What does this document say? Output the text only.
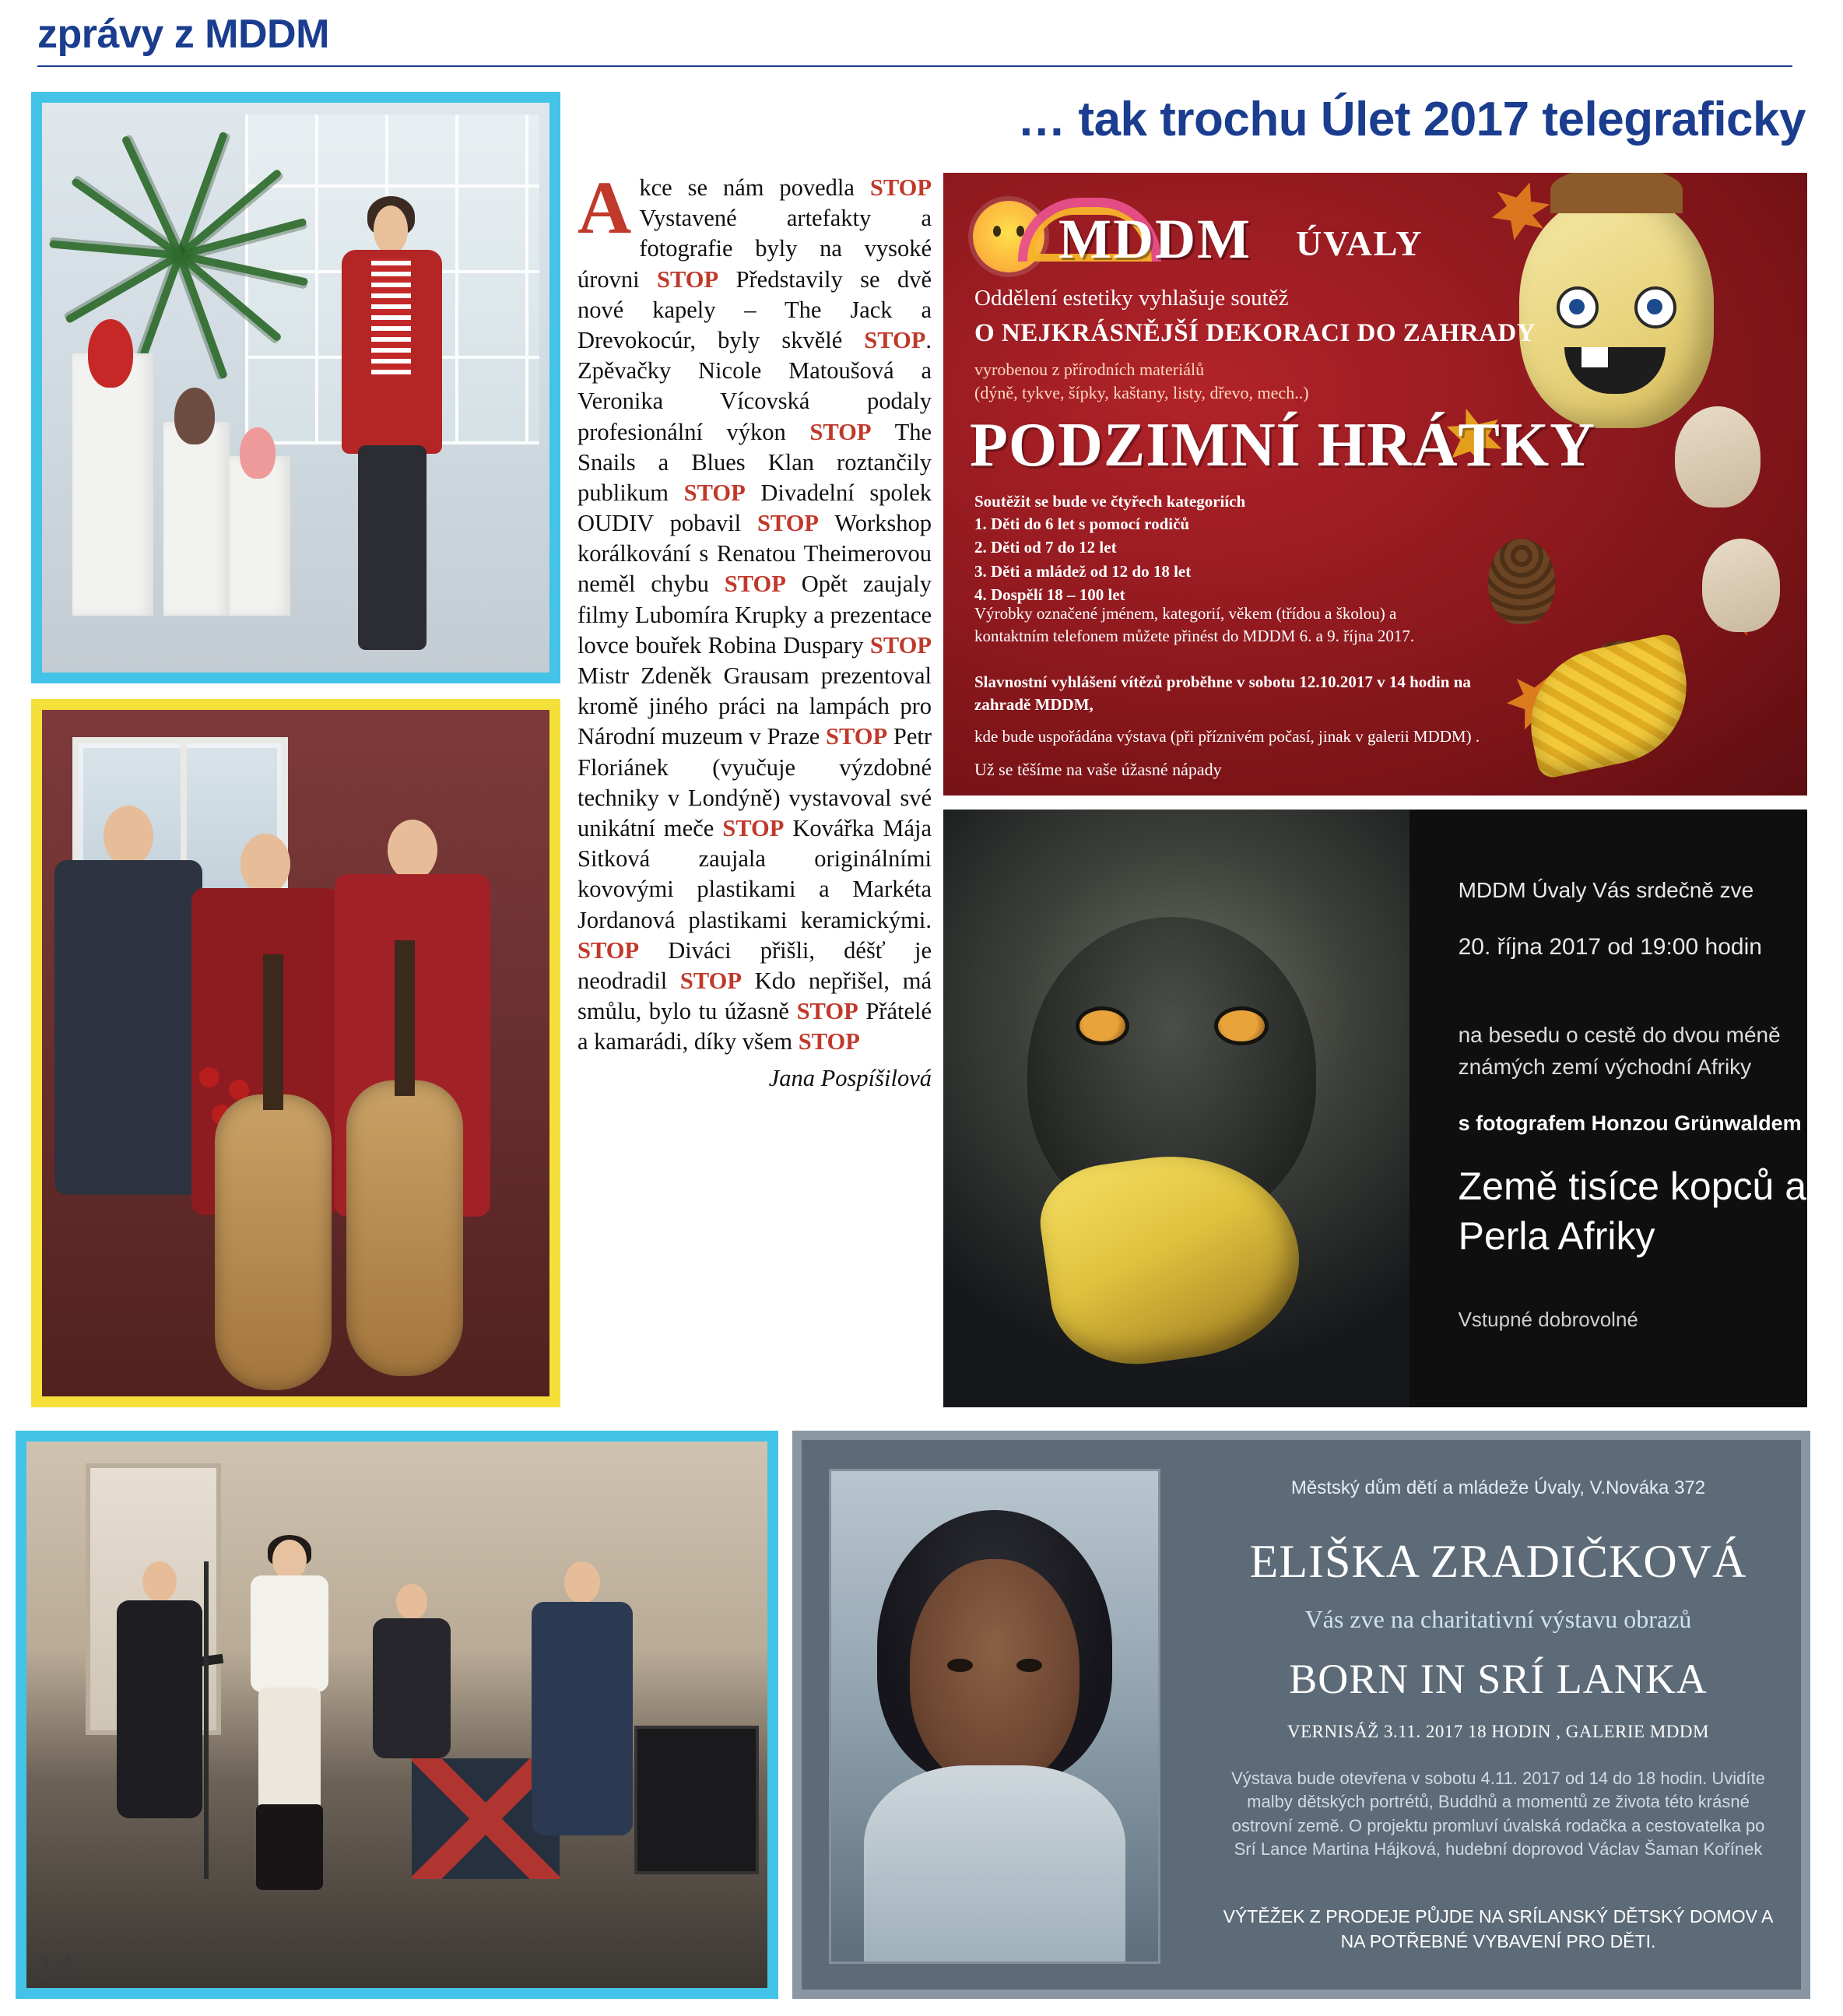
zprávy z MDDM
… tak trochu Úlet 2017 telegraficky
Akce se nám povedla STOP Vystavené artefakty a fotografie byly na vysoké úrovni STOP Představily se dvě nové kapely – The Jack a Drevokocúr, byly skvělé STOP. Zpěvačky Nicole Matoušová a Veronika Vícovská podaly profesionální výkon STOP The Snails a Blues Klan roztančily publikum STOP Divadelní spolek OUDIV pobavil STOP Workshop korálkování s Renatou Theimerovou neměl chybu STOP Opět zaujaly filmy Lubomíra Krupky a prezentace lovce bouřek Robina Duspary STOP Mistr Zdeněk Grausam prezentoval kromě jiného práci na lampách pro Národní muzeum v Praze STOP Petr Floriánek (vyučuje výzdobné techniky v Londýně) vystavoval své unikátní meče STOP Kovářka Mája Sitková zaujala originálními kovovými plastikami a Markéta Jordanová plastikami keramickými. STOP Diváci přišli, déšť je neodradil STOP Kdo nepřišel, má smůlu, bylo tu úžasně STOP Přátelé a kamarádi, díky všem STOP
Jana Pospíšilová
MDDM ÚVALY
Oddělení estetiky vyhlašuje soutěž
O NEJKRÁSNĚJŠÍ DEKORACI DO ZAHRADY
vyrobenou z přírodních materiálů
(dýně, tykve, šípky, kaštany, listy, dřevo, mech..)
PODZIMNÍ HRÁTKY
Soutěžit se bude ve čtyřech kategoriích
1. Děti do 6 let s pomocí rodičů
2. Děti od 7 do 12 let
3. Děti a mládež od 12 do 18 let
4. Dospělí 18 – 100 let
Výrobky označené jménem, kategorií, věkem (třídou a školou) a kontaktním telefonem můžete přinést do MDDM 6. a 9. října 2017.
Slavnostní vyhlášení vítězů proběhne v sobotu 12.10.2017 v 14 hodin na zahradě MDDM,
kde bude uspořádána výstava (při příznivém počasí, jinak v galerii MDDM) .
Už se těšíme na vaše úžasné nápady
MDDM Úvaly Vás srdečně zve
20. října 2017 od 19:00 hodin
na besedu o cestě do dvou méně známých zemí východní Afriky
s fotografem Honzou Grünwaldem
Země tisíce kopců a Perla Afriky
Vstupné dobrovolné
Městský dům dětí a mládeže Úvaly, V.Nováka 372
ELIŠKA ZRADIČKOVÁ
Vás zve na charitativní výstavu obrazů
BORN IN SRÍ LANKA
VERNISÁŽ 3.11. 2017 18 HODIN , GALERIE MDDM
Výstava bude otevřena v sobotu 4.11. 2017 od 14 do 18 hodin. Uvidíte malby dětských portrétů, Buddhů a momentů ze života této krásné ostrovní země. O projektu promluví úvalská rodačka a cestovatelka po Srí Lance Martina Hájková, hudební doprovod Václav Šaman Kořínek
VÝTĚŽEK Z PRODEJE PŮJDE NA SRÍLANSKÝ DĚTSKÝ DOMOV A NA POTŘEBNÉ VYBAVENÍ PRO DĚTI.
14
